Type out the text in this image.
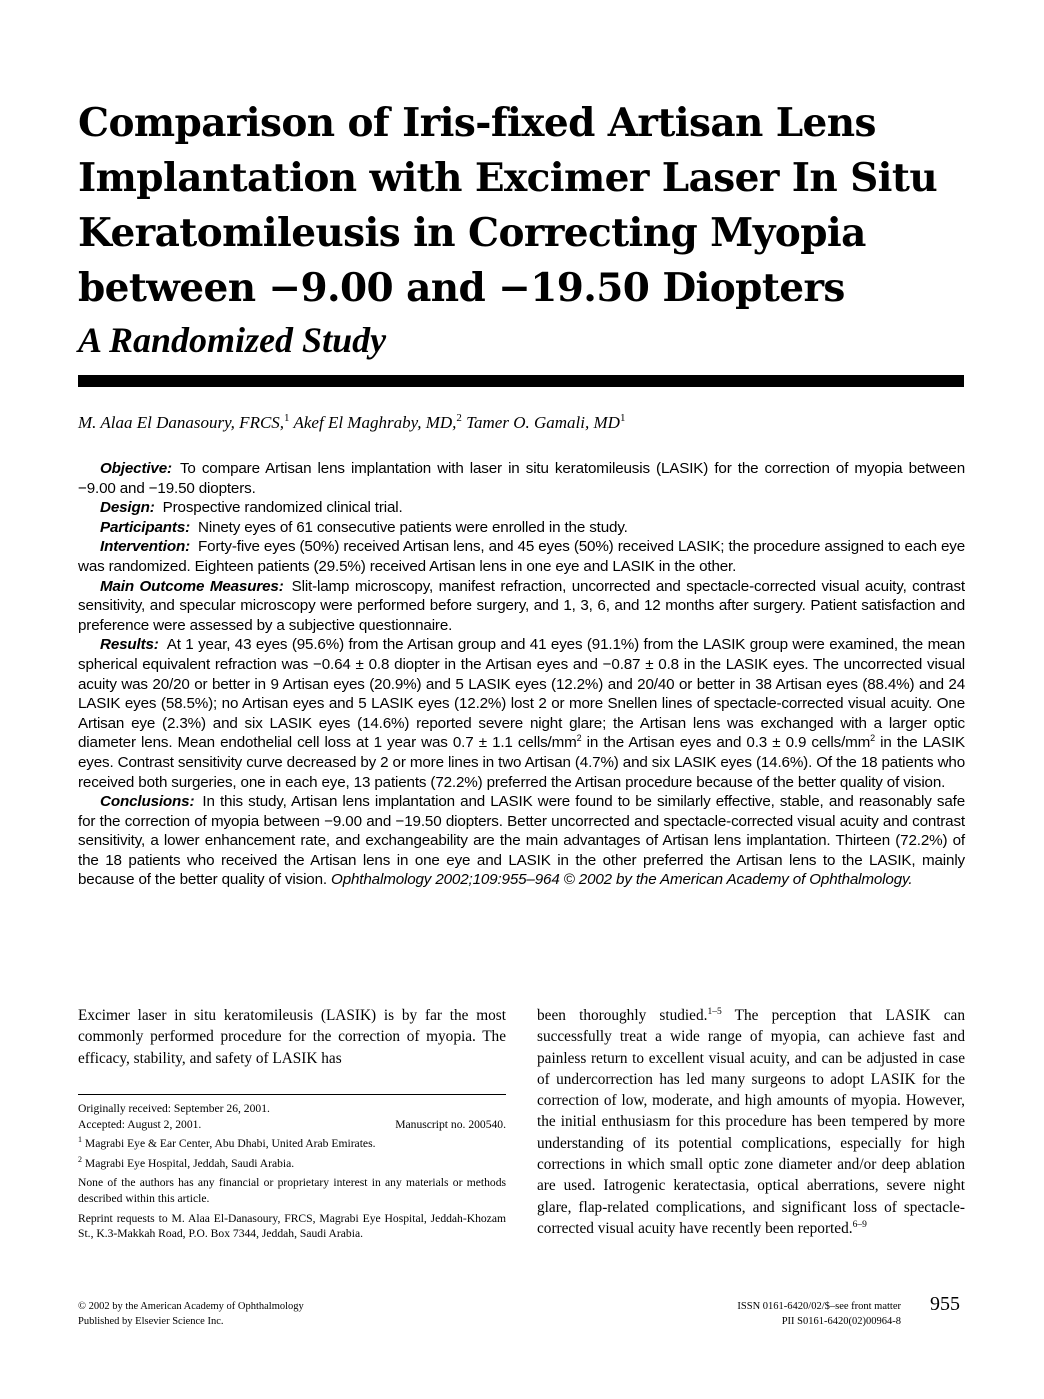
Comparison of Iris-fixed Artisan Lens
Implantation with Excimer Laser In Situ
Keratomileusis in Correcting Myopia
between −9.00 and −19.50 Diopters
A Randomized Study
M. Alaa El Danasoury, FRCS,$^1$ Akef El Maghraby, MD,$^2$ Tamer O. Gamali, $MD^1$

Objective: To compare Artisan lens implantation with laser in situ keratomileusis (LASIK) for the correction of myopia between −9.00 and −19.50 diopters.

Design: Prospective randomized clinical trial.

Participants: Ninety eyes of 61 consecutive patients were enrolled in the study.

Intervention: Forty-five eyes (50%) received Artisan lens, and 45 eyes (50%) received LASIK; the procedure assigned to each eye was randomized. Eighteen patients (29.5%) received Artisan lens in one eye and LASIK in the other.

Main Outcome Measures: Slit-lamp microscopy, manifest refraction, uncorrected and spectacle-corrected visual acuity, contrast sensitivity, and specular microscopy were performed before surgery, and 1, 3, 6, and 12 months after surgery. Patient satisfaction and preference were assessed by a subjective questionnaire.

Results: At 1 year, 43 eyes (95.6%) from the Artisan group and 41 eyes (91.1%) from the LASIK group were examined, the mean spherical equivalent refraction was −0.64 ± 0.8 diopter in the Artisan eyes and −0.87 ± 0.8 in the LASIK eyes. The uncorrected visual acuity was 20/20 or better in 9 Artisan eyes (20.9%) and 5 LASIK eyes (12.2%) and 20/40 or better in 38 Artisan eyes (88.4%) and 24 LASIK eyes (58.5%); no Artisan eyes and 5 LASIK eyes (12.2%) lost 2 or more Snellen lines of spectacle-corrected visual acuity. One Artisan eye (2.3%) and six LASIK eyes (14.6%) reported severe night glare; the Artisan lens was exchanged with a larger optic diameter lens. Mean endothelial cell loss at 1 year was 0.7 ± 1.1 cells/$mm^2$ in the Artisan eyes and 0.3 ± 0.9 cells/$mm^2$ in the LASIK eyes. Contrast sensitivity curve decreased by 2 or more lines in two Artisan (4.7%) and six LASIK eyes (14.6%). Of the 18 patients who received both surgeries, one in each eye, 13 patients (72.2%) preferred the Artisan procedure because of the better quality of vision.

Conclusions: In this study, Artisan lens implantation and LASIK were found to be similarly effective, stable, and reasonably safe for the correction of myopia between −9.00 and −19.50 diopters. Better uncorrected and spectacle-corrected visual acuity and contrast sensitivity, a lower enhancement rate, and exchangeability are the main advantages of Artisan lens implantation. Thirteen (72.2%) of the 18 patients who received the Artisan lens in one eye and LASIK in the other preferred the Artisan lens to the LASIK, mainly because of the better quality of vision. Ophthalmology 2002;109:955–964 © 2002 by the American Academy of Ophthalmology.

Excimer laser in situ keratomileusis (LASIK) is by far the most commonly performed procedure for the correction of myopia. The efficacy, stability, and safety of LASIK has

Originally received: September 26, 2001.

Accepted: August 2, 2001.	Manuscript no. 200540.

$^1$ Magrabi Eye & Ear Center, Abu Dhabi, United Arab Emirates.

$^2$ Magrabi Eye Hospital, Jeddah, Saudi Arabia.

None of the authors has any financial or proprietary interest in any materials or methods described within this article.

Reprint requests to M. Alaa El-Danasoury, FRCS, Magrabi Eye Hospital, Jeddah-Khozam St., K.3-Makkah Road, P.O. Box 7344, Jeddah, Saudi Arabia.

been thoroughly studied.$^{1-5}$ The perception that LASIK can successfully treat a wide range of myopia, can achieve fast and painless return to excellent visual acuity, and can be adjusted in case of undercorrection has led many surgeons to adopt LASIK for the correction of low, moderate, and high amounts of myopia. However, the initial enthusiasm for this procedure has been tempered by more understanding of its potential complications, especially for high corrections in which small optic zone diameter and/or deep ablation are used. Iatrogenic keratectasia, optical aberrations, severe night glare, flap-related complications, and significant loss of spectacle-corrected visual acuity have recently been reported.$^{6-9}$

© 2002 by the American Academy of Ophthalmology
Published by Elsevier Science Inc.
ISSN 0161-6420/02/$–see front matter
PII S0161-6420(02)00964-8
955
